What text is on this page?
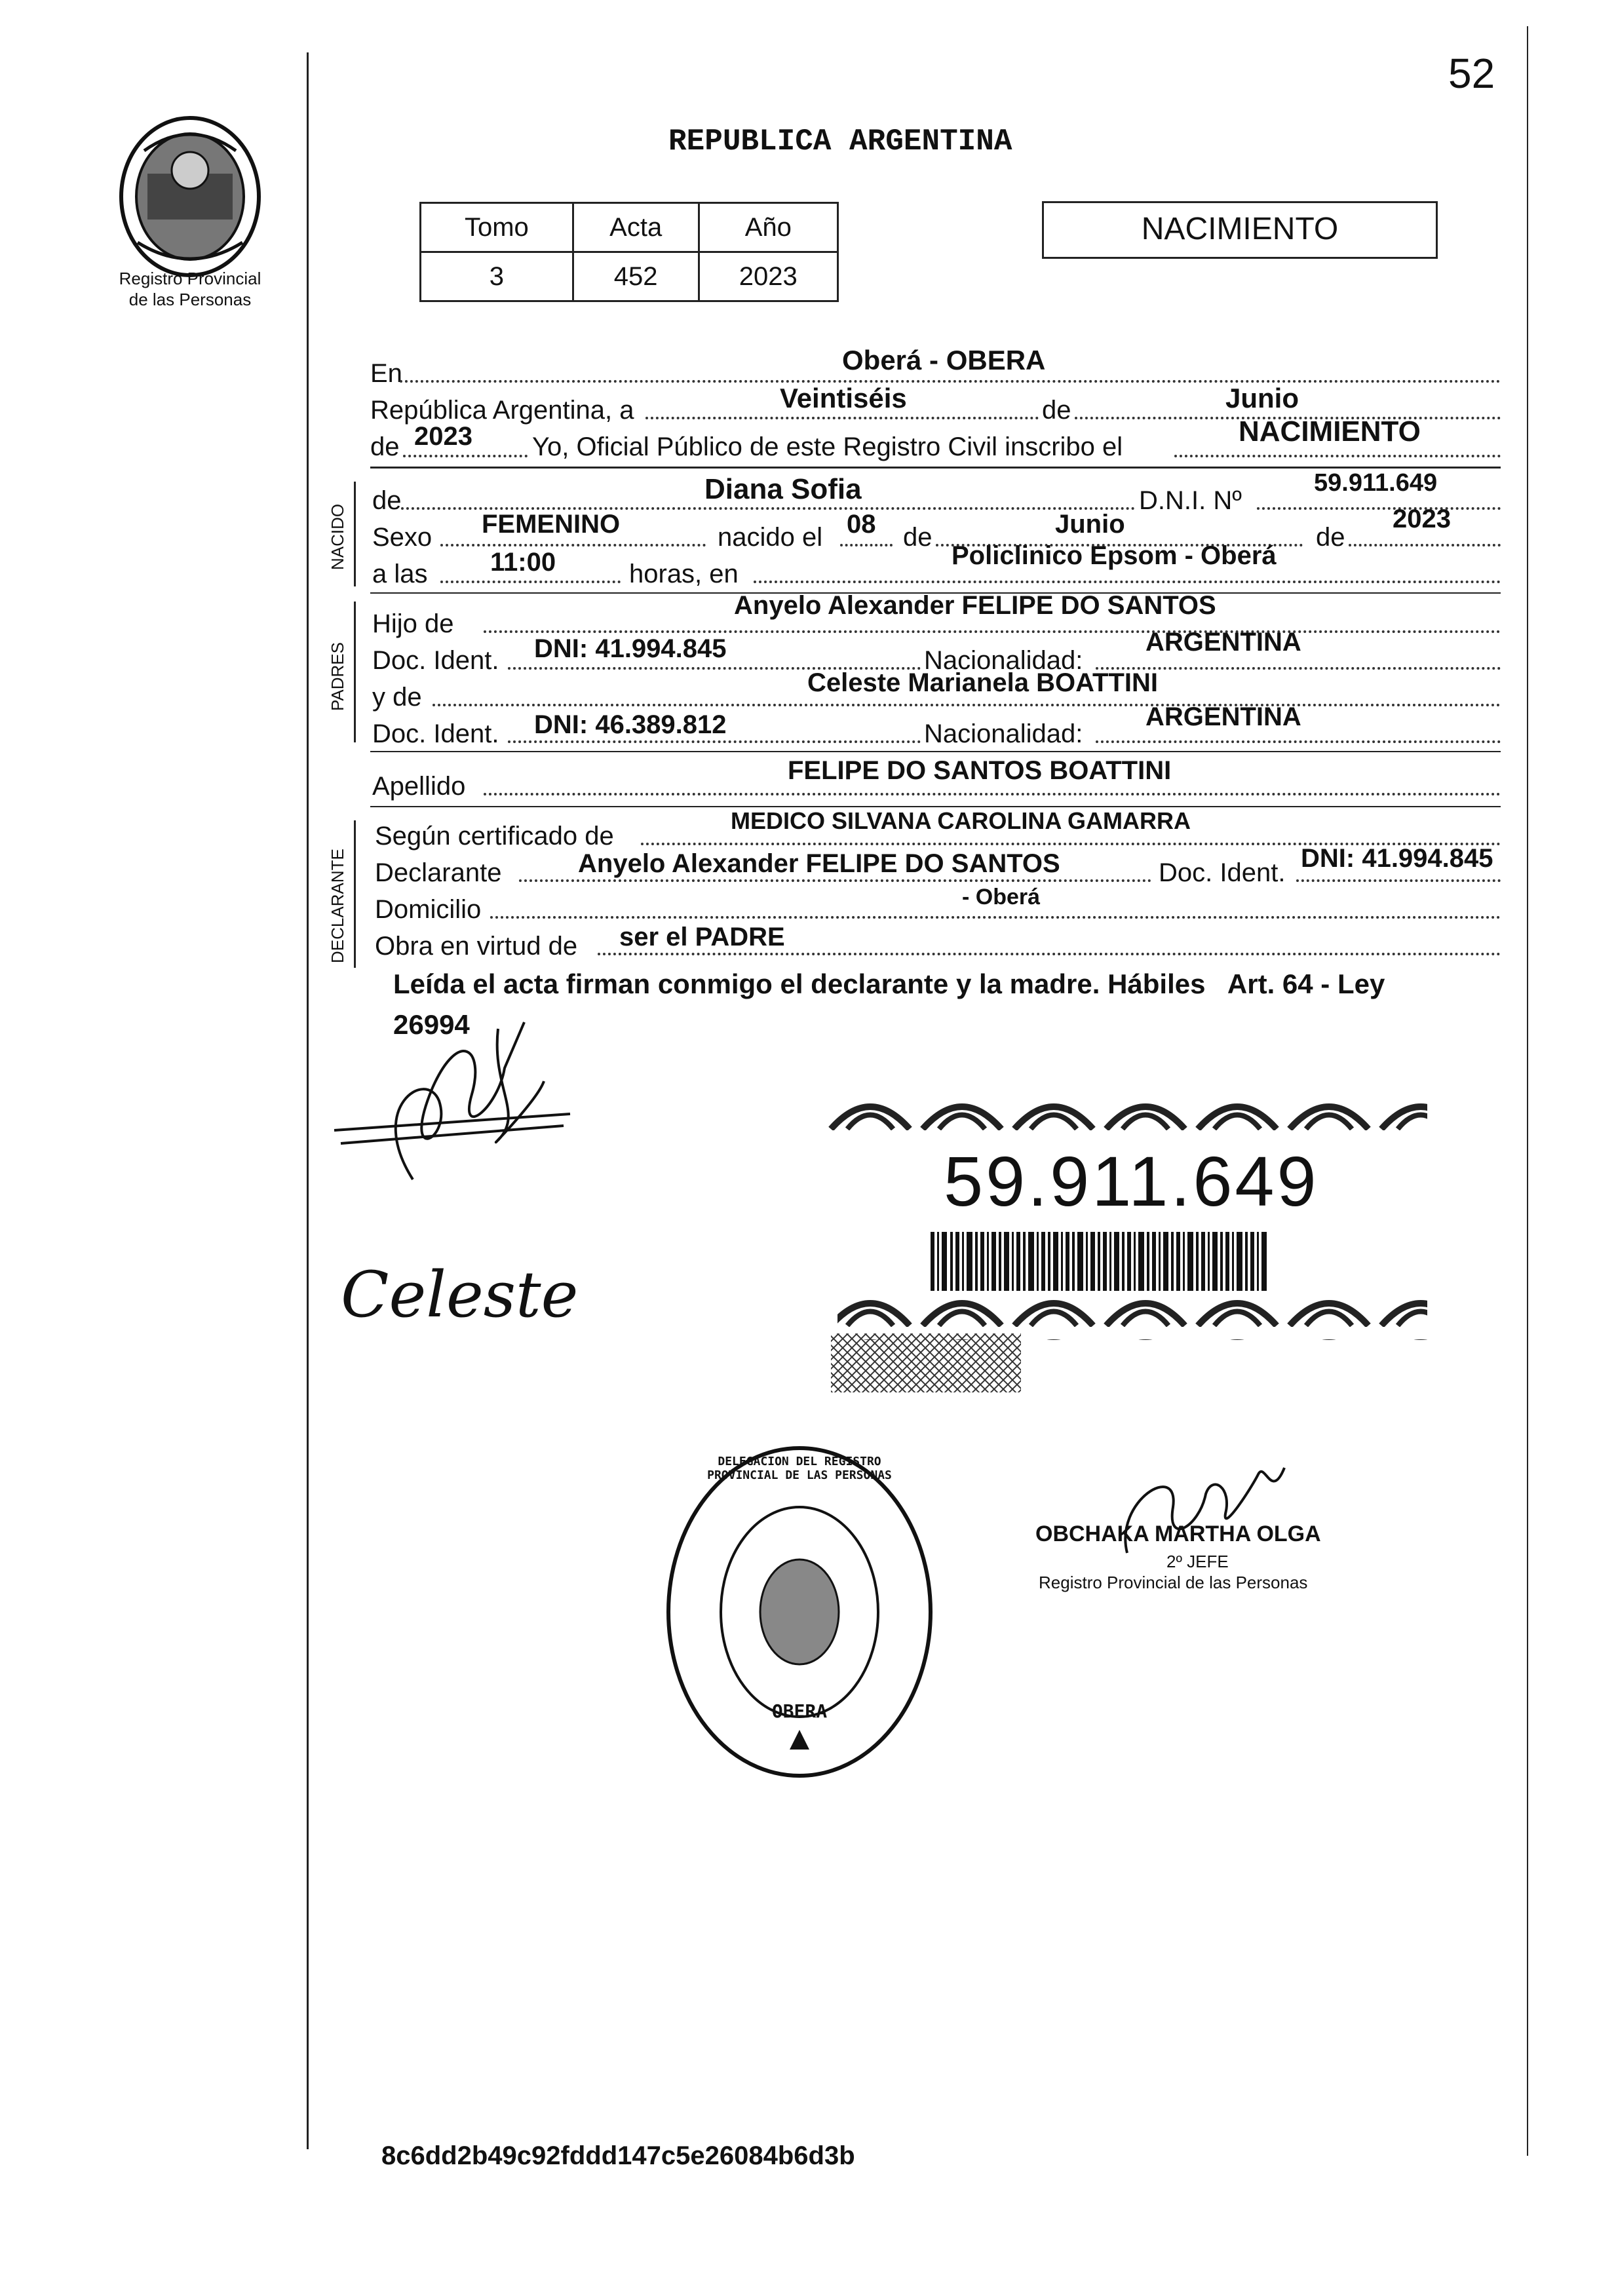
52
Registro Provincial
de las Personas
REPUBLICA ARGENTINA
Tomo	Acta	Año
3	452	2023
NACIMIENTO
En	Oberá - OBERA
República Argentina, a	Veintiséis	de	Junio
de 2023 Yo, Oficial Público de este Registro Civil inscribo el	NACIMIENTO
NACIDO
de	Diana Sofia	D.N.I. Nº
59.911.649
Sexo FEMENINO	nacido el 08 de	Junio	de
2023
a las 11:00	horas, en
Policlinico Epsom - Oberá
PADRES
Hijo de
Anyelo Alexander FELIPE DO SANTOS
Doc. Ident. DNI: 41.994.845	Nacionalidad:
ARGENTINA
y de	Celeste Marianela BOATTINI
Doc. Ident. DNI: 46.389.812	Nacionalidad:
ARGENTINA
Apellido
FELIPE DO SANTOS BOATTINI
DECLARANTE
Según certificado de
MEDICO SILVANA CAROLINA GAMARRA
Declarante	Anyelo Alexander FELIPE DO SANTOS	Doc. Ident. DNI: 41.994.845
Domicilio	- Oberá
Obra en virtud de ser el PADRE
Leída el acta firman conmigo el declarante y la madre. Hábiles   Art. 64 - Ley
26994
Celeste
59.911.649
DELEGACION DEL REGISTRO PROVINCIAL DE LAS PERSONAS
OBERA
OBCHAKA MARTHA OLGA
2º JEFE
Registro Provincial de las Personas
8c6dd2b49c92fddd147c5e26084b6d3b
